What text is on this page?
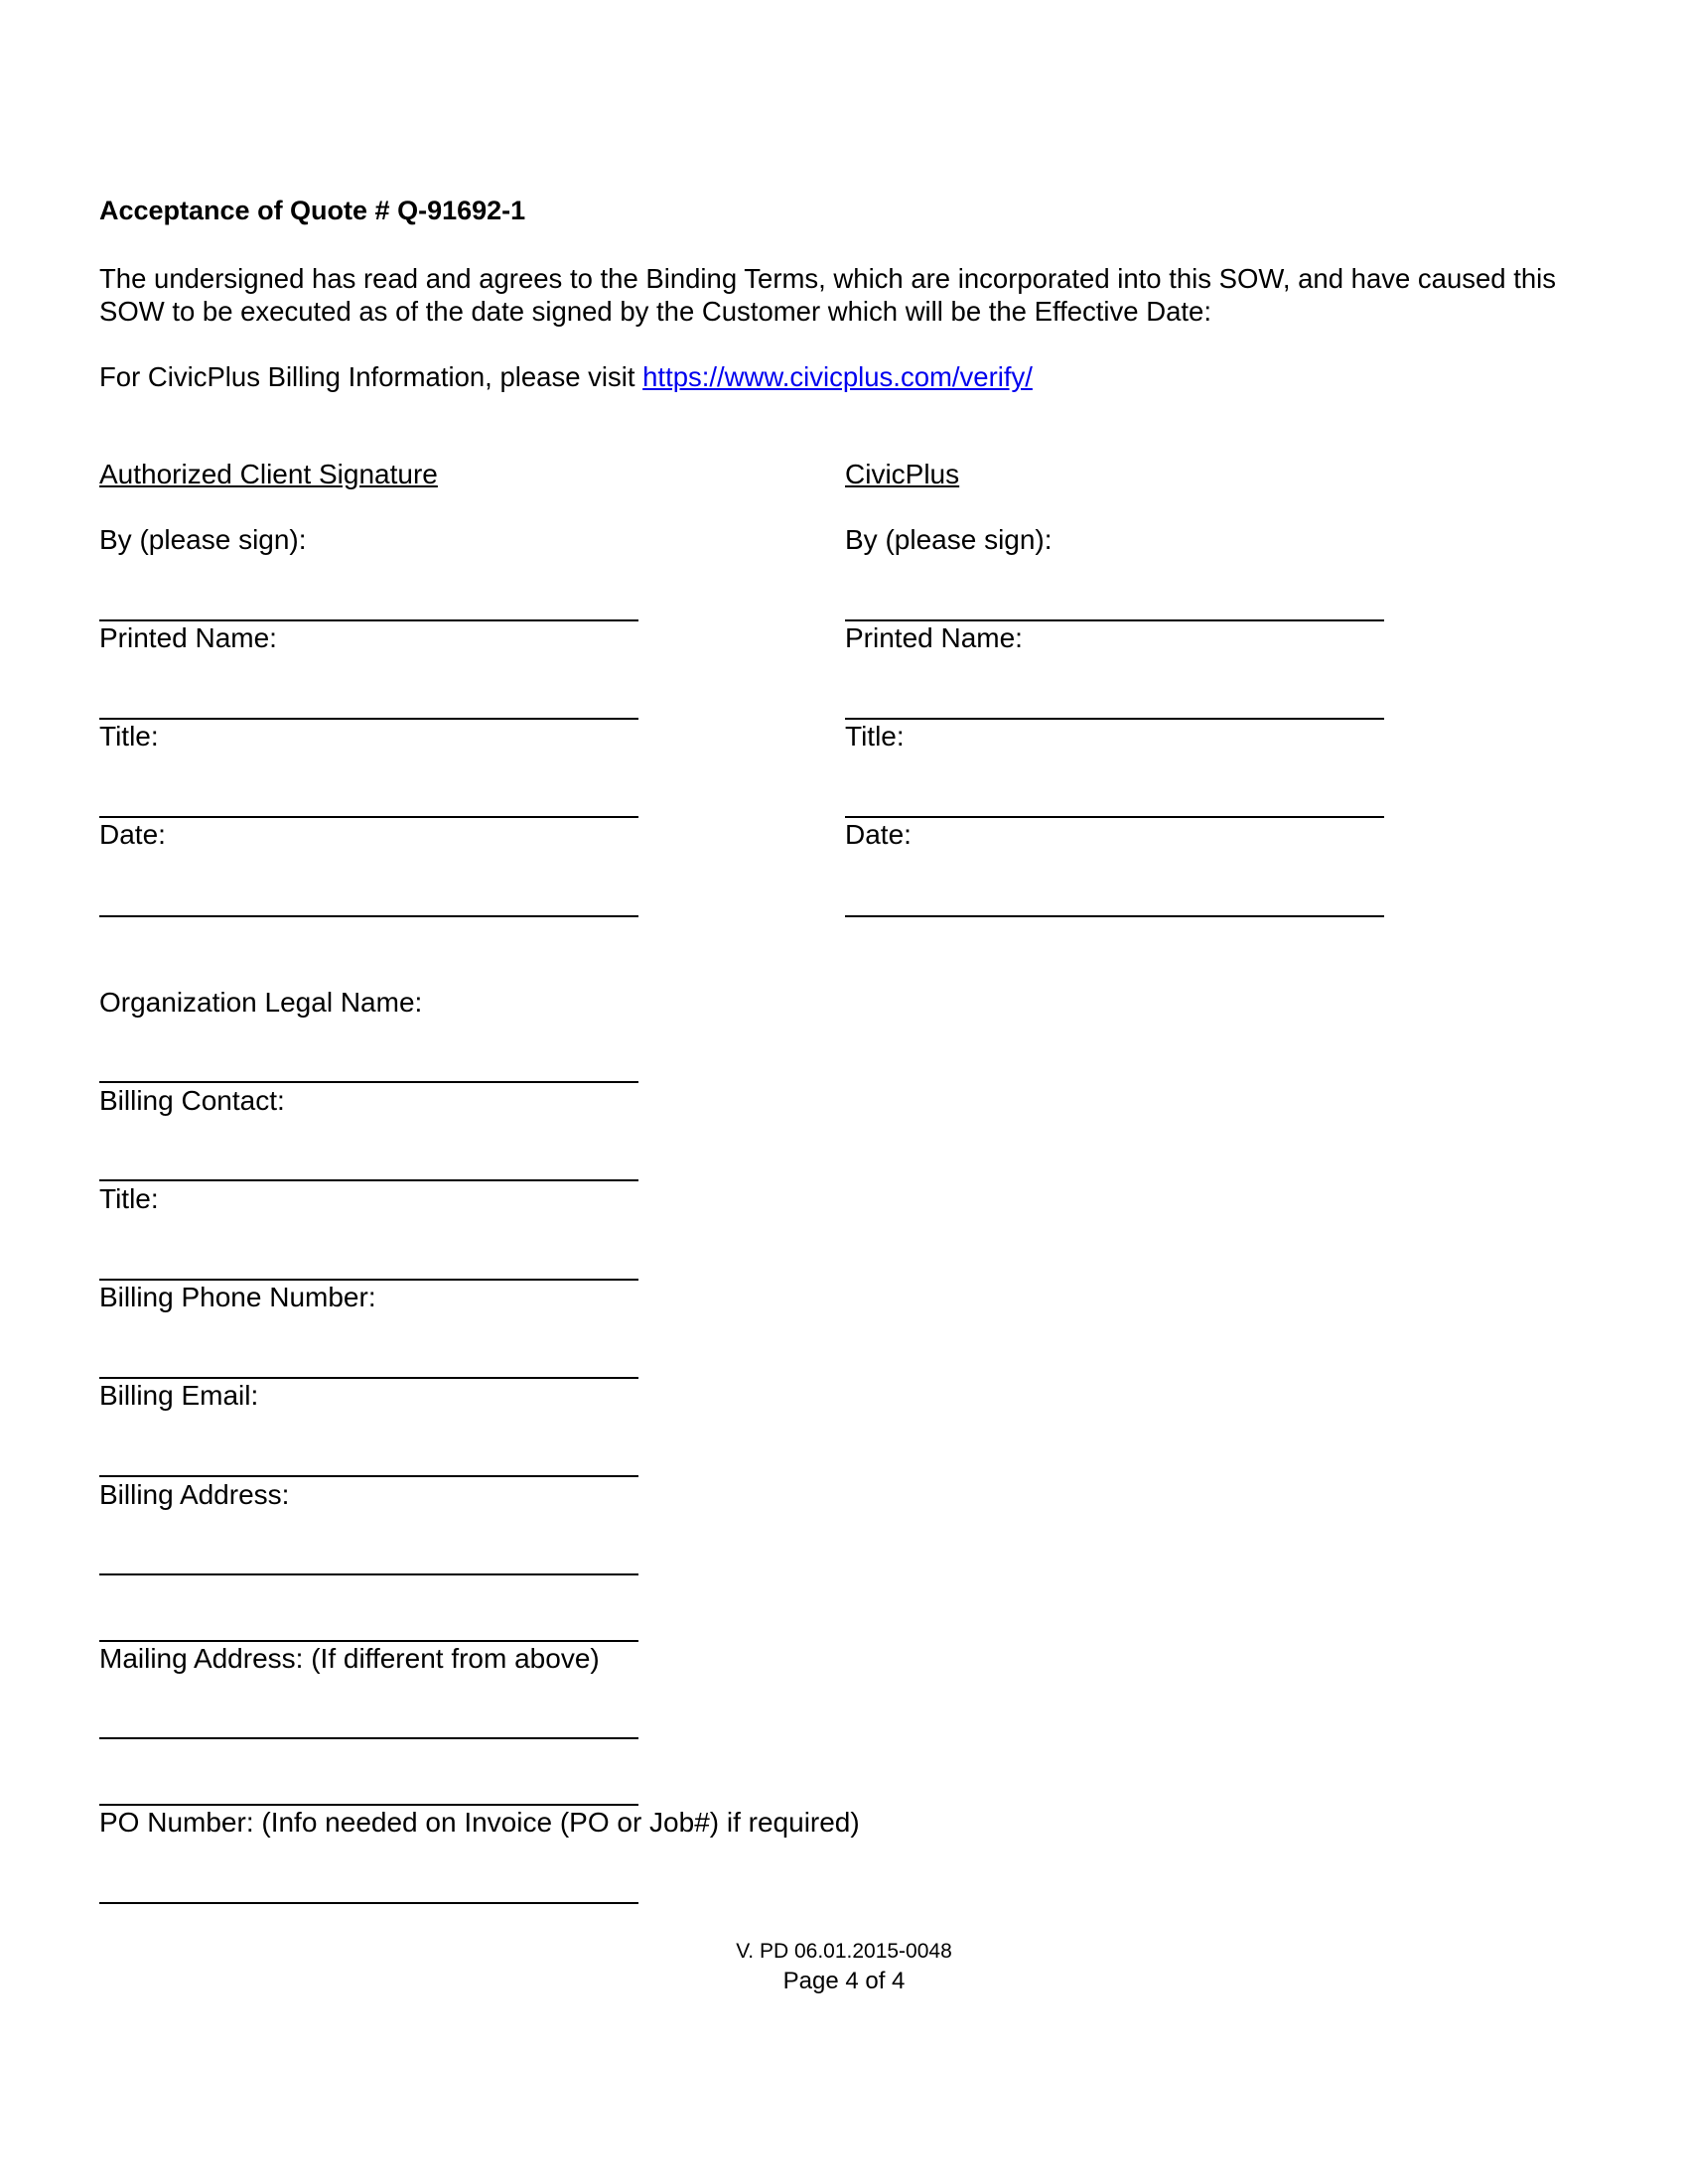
Acceptance of Quote # Q-91692-1
The undersigned has read and agrees to the Binding Terms, which are incorporated into this SOW, and have caused this SOW to be executed as of the date signed by the Customer which will be the Effective Date:
For CivicPlus Billing Information, please visit https://www.civicplus.com/verify/
Authorized Client Signature
By (please sign):
Printed Name:
Title:
Date:
CivicPlus
By (please sign):
Printed Name:
Title:
Date:
Organization Legal Name:
Billing Contact:
Title:
Billing Phone Number:
Billing Email:
Billing Address:
Mailing Address: (If different from above)
PO Number: (Info needed on Invoice (PO or Job#) if required)
V. PD 06.01.2015-0048
Page 4 of 4
